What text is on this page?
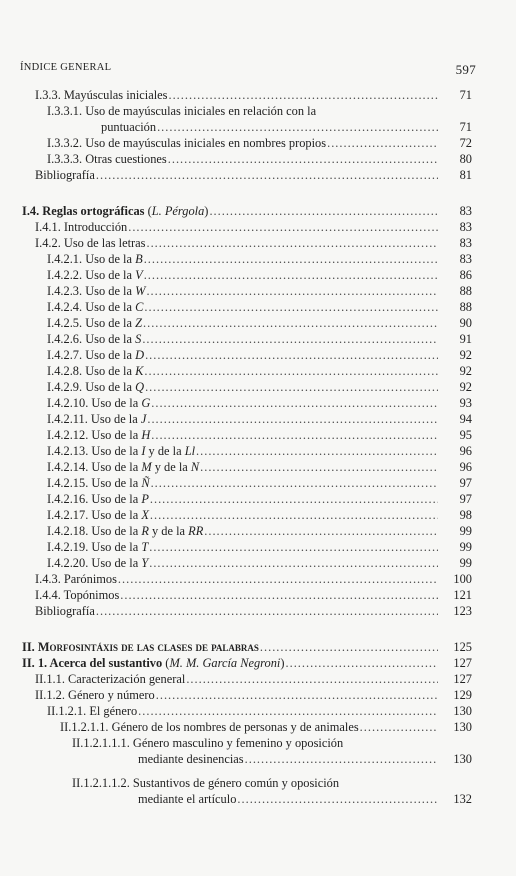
ÍNDICE GENERAL	597
I.3.3. Mayúsculas iniciales .....	71
I.3.3.1. Uso de mayúsculas iniciales en relación con la
puntuación .....	71
I.3.3.2. Uso de mayúsculas iniciales en nombres propios .....	72
I.3.3.3. Otras cuestiones .....	80
Bibliografía .....	81
I.4. Reglas ortográficas (L. Pérgola) .....	83
I.4.1. Introducción .....	83
I.4.2. Uso de las letras .....	83
I.4.2.1. Uso de la B .....	83
I.4.2.2. Uso de la V .....	86
I.4.2.3. Uso de la W .....	88
I.4.2.4. Uso de la C .....	88
I.4.2.5. Uso de la Z .....	90
I.4.2.6. Uso de la S .....	91
I.4.2.7. Uso de la D .....	92
I.4.2.8. Uso de la K .....	92
I.4.2.9. Uso de la Q .....	92
I.4.2.10. Uso de la G .....	93
I.4.2.11. Uso de la J .....	94
I.4.2.12. Uso de la H .....	95
I.4.2.13. Uso de la I y de la Ll .....	96
I.4.2.14. Uso de la M y de la N .....	96
I.4.2.15. Uso de la Ñ .....	97
I.4.2.16. Uso de la P .....	97
I.4.2.17. Uso de la X .....	98
I.4.2.18. Uso de la R y de la RR .....	99
I.4.2.19. Uso de la T .....	99
I.4.2.20. Uso de la Y .....	99
I.4.3. Parónimos .....	100
I.4.4. Topónimos .....	121
Bibliografía .....	123
II. Morfosintáxis de las clases de palabras .....	125
II. 1. Acerca del sustantivo (M. M. García Negroni) .....	127
II.1.1. Caracterización general .....	127
II.1.2. Género y número .....	129
II.1.2.1. El género .....	130
II.1.2.1.1. Género de los nombres de personas y de animales .....	130
II.1.2.1.1.1. Género masculino y femenino y oposición
mediante desinencias .....	130
II.1.2.1.1.2. Sustantivos de género común y oposición
mediante el artículo .....	132
